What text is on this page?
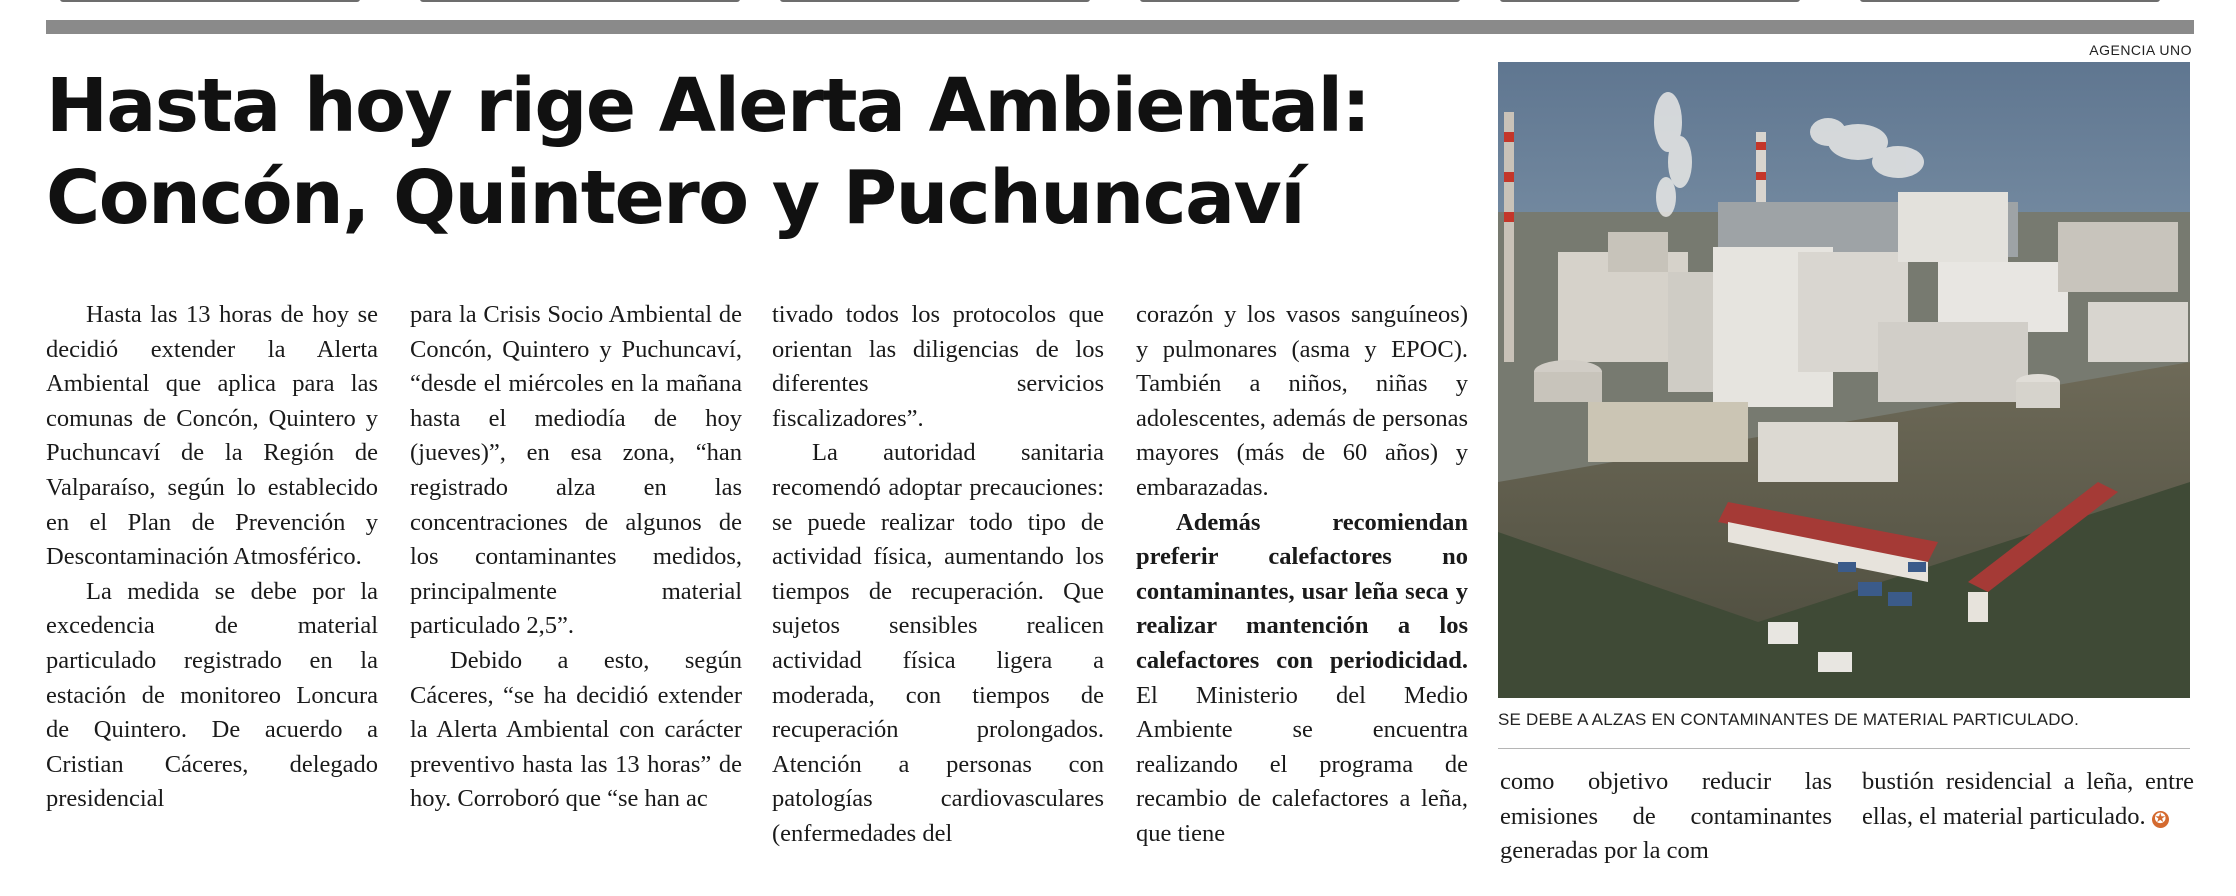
Hasta hoy rige Alerta Ambiental:
Concón, Quintero y Puchuncaví

Hasta las 13 horas de hoy se decidió extender la Alerta Ambiental que aplica para las comunas de Concón, Quintero y Puchuncaví de la Región de Valparaíso, según lo establecido en el Plan de Prevención y Descontaminación Atmosférico.

La medida se debe por la excedencia de material particulado registrado en la estación de monitoreo Loncura de Quintero. De acuerdo a Cristian Cáceres, delegado presidencial

para la Crisis Socio Ambiental de Concón, Quintero y Puchuncaví, “desde el miércoles en la mañana hasta el mediodía de hoy (jueves)”, en esa zona, “han registrado alza en las concentraciones de algunos de los contaminantes medidos, principalmente material particulado 2,5”.

Debido a esto, según Cáceres, “se ha decidió extender la Alerta Ambiental con carácter preventivo hasta las 13 horas” de hoy. Corroboró que “se han ac

tivado todos los protocolos que orientan las diligencias de los diferentes servicios fiscalizadores”.

La autoridad sanitaria recomendó adoptar precauciones: se puede realizar todo tipo de actividad física, aumentando los tiempos de recuperación. Que sujetos sensibles realicen actividad física ligera a moderada, con tiempos de recuperación prolongados. Atención a personas con patologías cardiovasculares (enfermedades del

corazón y los vasos sanguíneos) y pulmonares (asma y EPOC). También a niños, niñas y adolescentes, además de personas mayores (más de 60 años) y embarazadas.

Además recomiendan preferir calefactores no contaminantes, usar leña seca y realizar mantención a los calefactores con periodicidad. El Ministerio del Medio Ambiente se encuentra realizando el programa de recambio de calefactores a leña, que tiene

como objetivo reducir las emisiones de contaminantes generadas por la com

bustión residencial a leña, entre ellas, el material particulado. ✪

AGENCIA UNO
SE DEBE A ALZAS EN CONTAMINANTES DE MATERIAL PARTICULADO.
